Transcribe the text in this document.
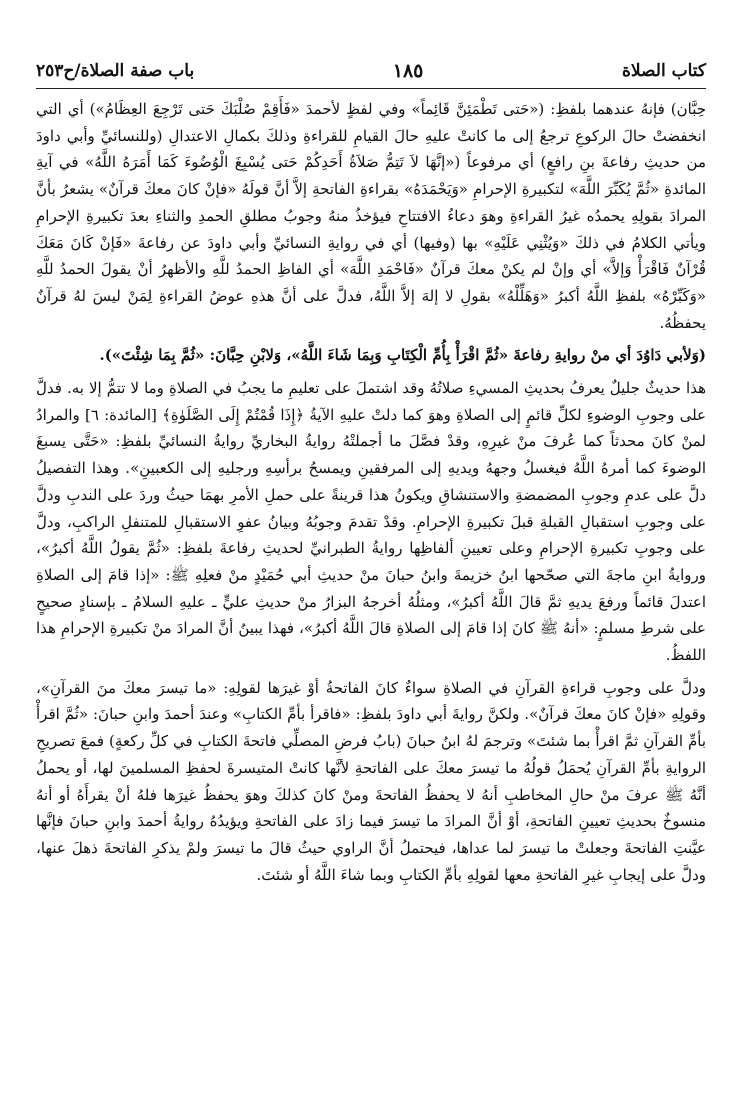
كتاب الصلاة
١٨٥
باب صفة الصلاة/ح٢٥٣

حِبَّان) فإنهُ عندهما بلفظِ: («حَتى تَطْمَئِنَّ قَائِماً» وفي لفظٍ لأحمدَ «فَأَقِمْ صُلْبَكَ حَتى تَرْجِعَ العِظَامُ») أي التي انخفضتْ حالَ الركوعِ ترجعُ إلى ما كانتْ عليهِ حالَ القيامِ للقراءةِ وذلكَ بكمالِ الاعتدالِ (وللنسائيِّ وأبي داودَ من حديثِ رفاعةَ بنِ رافعٍ) أي مرفوعاً («إنَّهَا لاَ تَتِمُّ صَلاَةُ أَحَدِكُمْ حَتى يُسْبِغَ الْوُضُوءَ كَمَا أَمَرَهُ اللَّهُ» في آيةِ المائدةِ «ثُمَّ يُكَبِّرَ اللَّهَ» لتكبيرةِ الإحرامِ «وَيَحْمَدَهُ» بقراءةِ الفاتحةِ إلاَّ أنَّ قولَهُ «فإنْ كانَ معكَ قرآنٌ» يشعرُ بأنَّ المرادَ بقولِهِ يحمدُه غيرُ القراءةِ وهوَ دعاءُ الافتتاحِ فيؤخذُ منهُ وجوبُ مطلقِ الحمدِ والثناءِ بعدَ تكبيرةِ الإحرامِ ويأتي الكلامُ في ذلكَ «وَيُثْنِي عَلَيْهِ» بها (وفيها) أي في روايةِ النسائيِّ وأبي داودَ عن رفاعةَ «فَإنْ كَانَ مَعَكَ قُرْآنٌ فَاقْرَأْ وَإلاَّ» أي وإنْ لم يكنْ معكَ قرآنٌ «فَاحْمَدِ اللَّهَ» أي الفاظِ الحمدُ للَّهِ والأظهرُ أنْ يقولَ الحمدُ للَّهِ «وَكَبِّرْهُ» بلفظِ اللَّهُ أكبرُ «وَهَلِّلْهُ» بقولِ لا إلهَ إلاَّ اللَّهُ، فدلَّ على أنَّ هذهِ عوضُ القراءةِ لِمَنْ ليسَ لهُ قرآنٌ يحفظُهُ.

(وَلأبي دَاوُدَ أي منْ روايةِ رفاعةَ «ثُمَّ اقْرَأْ بِأُمِّ الْكِتَابِ وَبِمَا شَاءَ اللَّهُ»، وَلابْنِ حِبَّانَ: «ثُمَّ بِمَا شِئْتَ»).

هذا حديثٌ جليلٌ يعرفُ بحديثِ المسيءِ صلاتُهُ وقد اشتملَ على تعليمِ ما يجبُ في الصلاةِ وما لا تتمُّ إلا به. فدلَّ على وجوبِ الوضوءِ لكلِّ قائمٍ إلى الصلاةِ وهوَ كما دلتْ عليهِ الآيةُ ﴿إِذَا قُمْتُمْ إِلَى الصَّلَوٰةِ﴾ [المائدة: ٦] والمرادُ لمنْ كانَ محدثاً كما عُرفَ منْ غيرِهِ، وقدْ فصَّلَ ما أجملتْهُ روايةُ البخاريِّ روايةُ النسائيِّ بلفظِ: «حَتَّى يسبغَ الوضوءَ كما أمرهُ اللَّهُ فيغسلُ وجههُ ويديهِ إلى المرفقينِ ويمسحُ برأسِهِ ورجليهِ إلى الكعبينِ». وهذا التفصيلُ دلَّ على عدمِ وجوبِ المضمضةِ والاستنشاقِ ويكونُ هذا قرينةً على حملِ الأمرِ بهمَا حيثُ وردَ على الندبِ ودلَّ على وجوبِ استقبالِ القبلةِ قبلَ تكبيرةِ الإحرامِ. وقدْ تقدمَ وجوبُهُ وبيانُ عفوِ الاستقبالِ للمتنفلِ الراكبِ، ودلَّ على وجوبِ تكبيرةِ الإحرامِ وعلى تعيينِ ألفاظِها روايةُ الطبرانيِّ لحديثِ رفاعةَ بلفظِ: «ثُمَّ يقولُ اللَّهُ أكبرُ»، وروايةُ ابنِ ماجةَ التي صحّحها ابنُ خزيمةَ وابنُ حبانَ منْ حديثِ أبي حُمَيْدٍ منْ فعلِهِ ﷺ: «إذا قامَ إلى الصلاةِ اعتدلَ قائماً ورفعَ يديهِ ثمَّ قالَ اللَّهُ أكبرُ»، ومثلُهُ أخرجهُ البزارُ منْ حديثِ عليٍّ ـ عليهِ السلامُ ـ بإسنادٍ صحيحٍ على شرطِ مسلمٍ: «أنهُ ﷺ كانَ إذا قامَ إلى الصلاةِ قالَ اللَّهُ أكبرُ»، فهذا يبينُ أنَّ المرادَ منْ تكبيرةِ الإحرامِ هذا اللفظُ.

ودلَّ على وجوبِ قراءةِ القرآنِ في الصلاةِ سواءٌ كانَ الفاتحةُ أوْ غيرَها لقولِهِ: «ما تيسرَ معكَ منَ القرآنِ»، وقولِهِ «فإنْ كانَ معكَ قرآنٌ». ولكنَّ روايةَ أبي داودَ بلفظِ: «فاقرأ بأمِّ الكتابِ» وعندَ أحمدَ وابنِ حبانَ: «ثُمَّ اقرأْ بأمِّ القرآنِ ثمَّ اقرأْ بما شئتَ» وترجمَ لهُ ابنُ حبانَ (بابُ فرضِ المصلِّي فاتحةَ الكتابِ في كلِّ ركعةٍ) فمعَ تصريحِ الروايةِ بأمِّ القرآنِ يُحمَلُ قولُهُ ما تيسرَ معكَ على الفاتحةِ لأنَّها كانتْ المتيسرةَ لحفظِ المسلمينَ لها، أو يحملُ أنَّهُ ﷺ عرفَ منْ حالِ المخاطبِ أنهُ لا يحفظُ الفاتحةَ ومنْ كانَ كذلكَ وهوَ يحفظُ غيرَها فلهُ أنْ يقرأَهُ أو أنهُ منسوخٌ بحديثِ تعيينِ الفاتحةِ، أوْ أنَّ المرادَ ما تيسرَ فيما زادَ على الفاتحةِ ويؤيدُهُ روايةُ أحمدَ وابنِ حبانَ فإنَّها عيَّنتِ الفاتحةَ وجعلتْ ما تيسرَ لما عداها، فيحتملُ أنَّ الراوي حيثُ قالَ ما تيسرَ ولمْ يذكرِ الفاتحةَ ذهلَ عنها، ودلَّ على إيجابِ غيرِ الفاتحةِ معها لقولِهِ بأمِّ الكتابِ وبما شاءَ اللَّهُ أو شئتَ.
